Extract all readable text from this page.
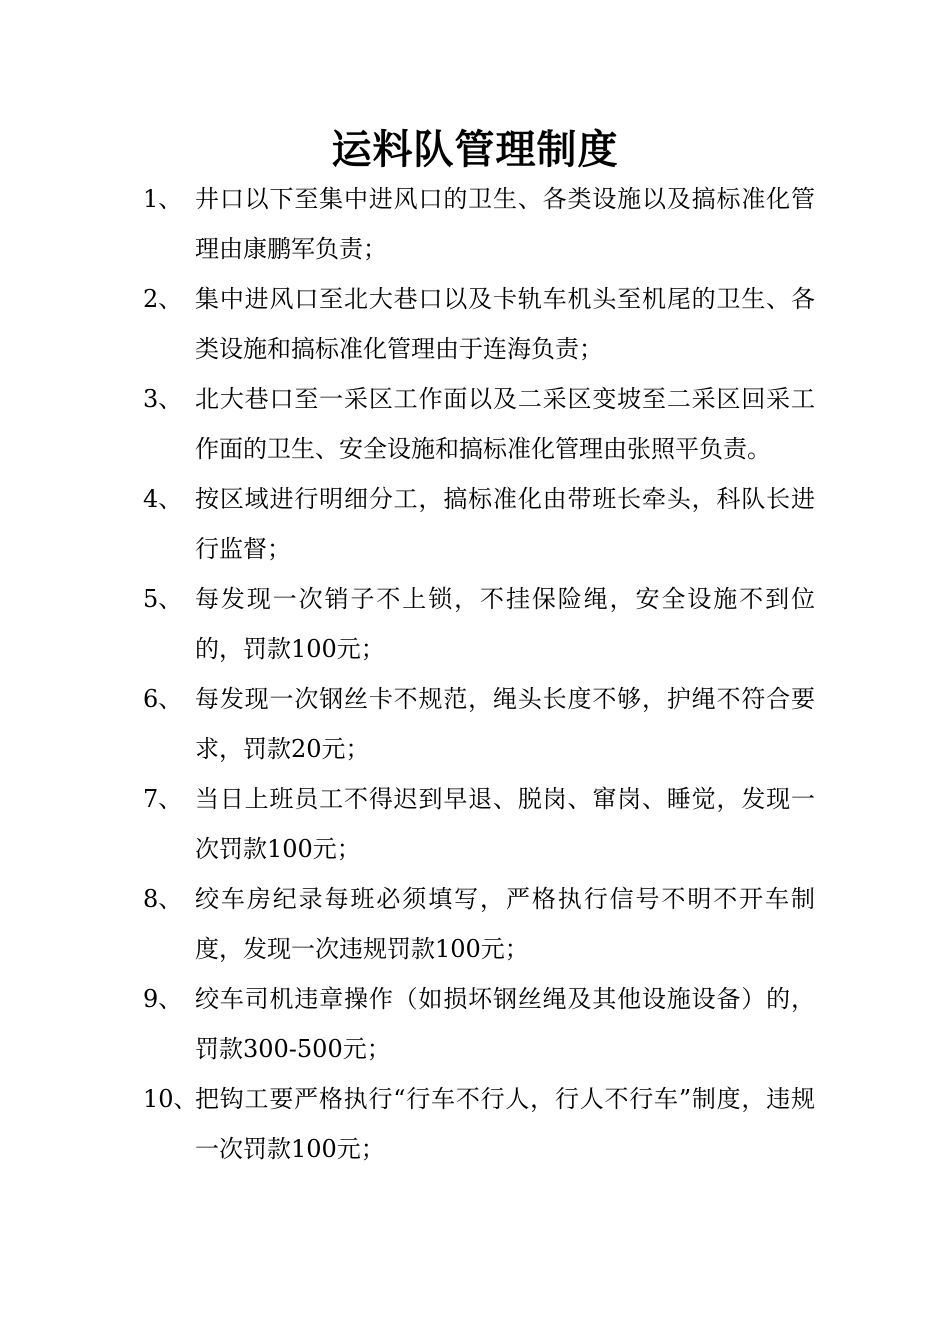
运料队管理制度
1、 井口以下至集中进风口的卫生、各类设施以及搞标准化管理由康鹏军负责；
2、 集中进风口至北大巷口以及卡轨车机头至机尾的卫生、各类设施和搞标准化管理由于连海负责；
3、 北大巷口至一采区工作面以及二采区变坡至二采区回采工作面的卫生、安全设施和搞标准化管理由张照平负责。
4、 按区域进行明细分工，搞标准化由带班长牵头，科队长进行监督；
5、 每发现一次销子不上锁，不挂保险绳，安全设施不到位的，罚款100元；
6、 每发现一次钢丝卡不规范，绳头长度不够，护绳不符合要求，罚款20元；
7、 当日上班员工不得迟到早退、脱岗、窜岗、睡觉，发现一次罚款100元；
8、 绞车房纪录每班必须填写，严格执行信号不明不开车制度，发现一次违规罚款100元；
9、 绞车司机违章操作（如损坏钢丝绳及其他设施设备）的，罚款300-500元；
10、
把钩工要严格执行“行车不行人，行人不行车”制度，违规一次罚款100元；
